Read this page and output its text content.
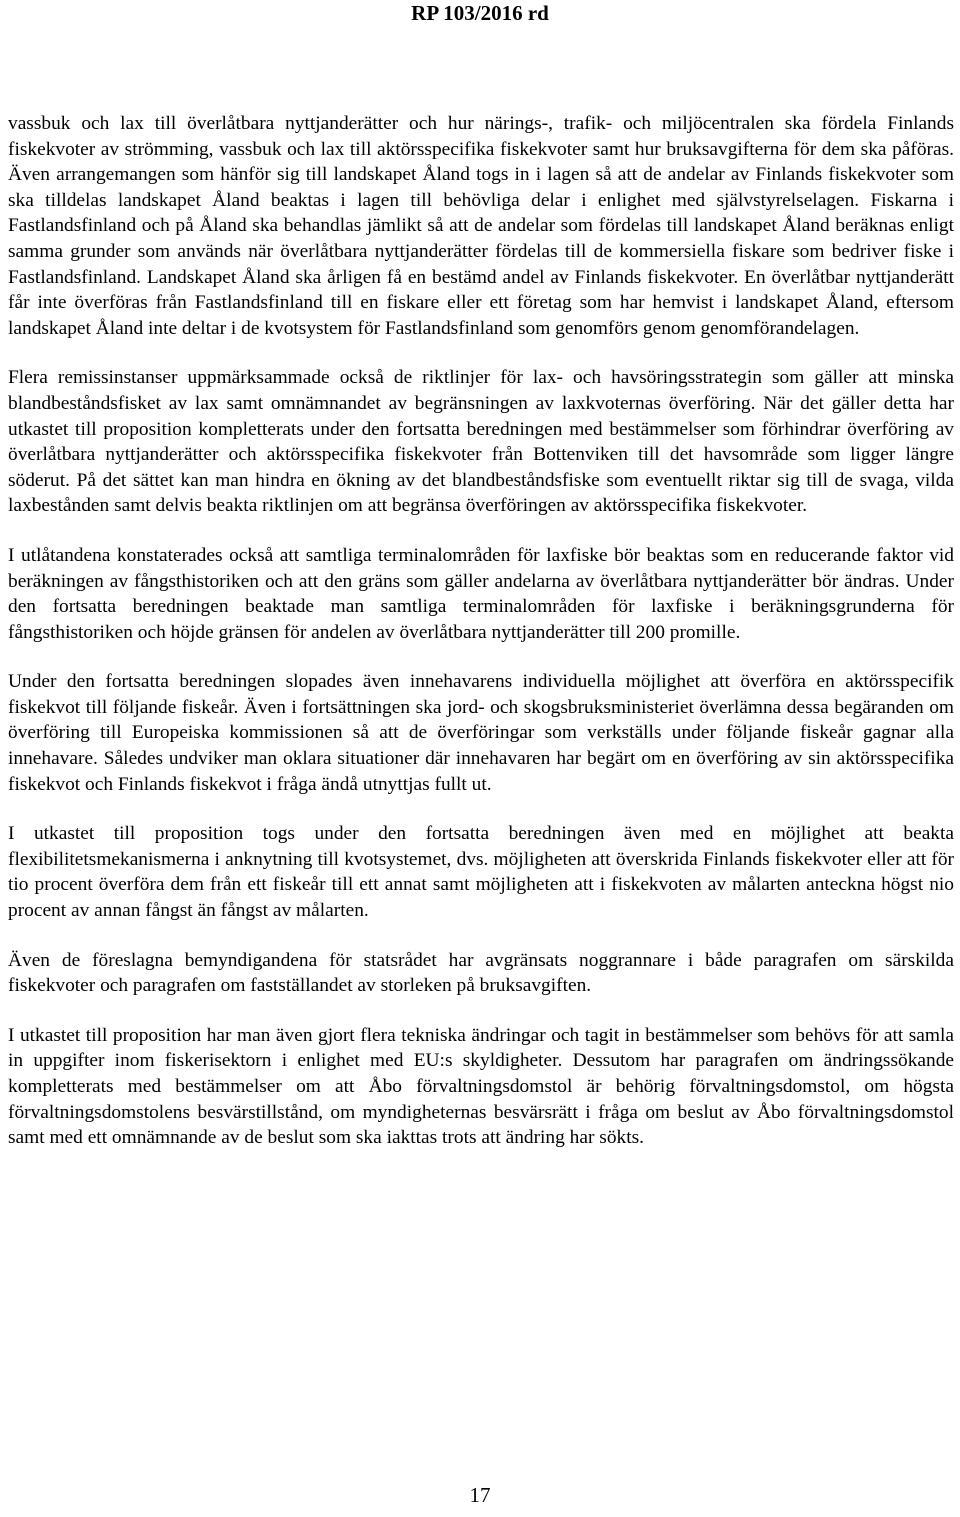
RP 103/2016 rd

vassbuk och lax till överlåtbara nyttjanderätter och hur närings-, trafik- och miljöcentralen ska fördela Finlands fiskekvoter av strömming, vassbuk och lax till aktörsspecifika fiskekvoter samt hur bruksavgifterna för dem ska påföras. Även arrangemangen som hänför sig till landskapet Åland togs in i lagen så att de andelar av Finlands fiskekvoter som ska tilldelas landskapet Åland beaktas i lagen till behövliga delar i enlighet med självstyrelselagen. Fiskarna i Fastlandsfinland och på Åland ska behandlas jämlikt så att de andelar som fördelas till landskapet Åland beräknas enligt samma grunder som används när överlåtbara nyttjanderätter fördelas till de kommersiella fiskare som bedriver fiske i Fastlandsfinland. Landskapet Åland ska årligen få en bestämd andel av Finlands fiskekvoter. En överlåtbar nyttjanderätt får inte överföras från Fastlandsfinland till en fiskare eller ett företag som har hemvist i landskapet Åland, eftersom landskapet Åland inte deltar i de kvotsystem för Fastlandsfinland som genomförs genom genomförandelagen.

Flera remissinstanser uppmärksammade också de riktlinjer för lax- och havsöringsstrategin som gäller att minska blandbeståndsfisket av lax samt omnämnandet av begränsningen av laxkvoternas överföring. När det gäller detta har utkastet till proposition kompletterats under den fortsatta beredningen med bestämmelser som förhindrar överföring av överlåtbara nyttjanderätter och aktörsspecifika fiskekvoter från Bottenviken till det havsområde som ligger längre söderut. På det sättet kan man hindra en ökning av det blandbeståndsfiske som eventuellt riktar sig till de svaga, vilda laxbestånden samt delvis beakta riktlinjen om att begränsa överföringen av aktörsspecifika fiskekvoter.

I utlåtandena konstaterades också att samtliga terminalområden för laxfiske bör beaktas som en reducerande faktor vid beräkningen av fångsthistoriken och att den gräns som gäller andelarna av överlåtbara nyttjanderätter bör ändras. Under den fortsatta beredningen beaktade man samtliga terminalområden för laxfiske i beräkningsgrunderna för fångsthistoriken och höjde gränsen för andelen av överlåtbara nyttjanderätter till 200 promille.

Under den fortsatta beredningen slopades även innehavarens individuella möjlighet att överföra en aktörsspecifik fiskekvot till följande fiskeår. Även i fortsättningen ska jord- och skogsbruksministeriet överlämna dessa begäranden om överföring till Europeiska kommissionen så att de överföringar som verkställs under följande fiskeår gagnar alla innehavare. Således undviker man oklara situationer där innehavaren har begärt om en överföring av sin aktörsspecifika fiskekvot och Finlands fiskekvot i fråga ändå utnyttjas fullt ut.

I utkastet till proposition togs under den fortsatta beredningen även med en möjlighet att beakta flexibilitetsmekanismerna i anknytning till kvotsystemet, dvs. möjligheten att överskrida Finlands fiskekvoter eller att för tio procent överföra dem från ett fiskeår till ett annat samt möjligheten att i fiskekvoten av målarten anteckna högst nio procent av annan fångst än fångst av målarten.

Även de föreslagna bemyndigandena för statsrådet har avgränsats noggrannare i både paragrafen om särskilda fiskekvoter och paragrafen om fastställandet av storleken på bruksavgiften.

I utkastet till proposition har man även gjort flera tekniska ändringar och tagit in bestämmelser som behövs för att samla in uppgifter inom fiskerisektorn i enlighet med EU:s skyldigheter. Dessutom har paragrafen om ändringssökande kompletterats med bestämmelser om att Åbo förvaltningsdomstol är behörig förvaltningsdomstol, om högsta förvaltningsdomstolens besvärstillstånd, om myndigheternas besvärsrätt i fråga om beslut av Åbo förvaltningsdomstol samt med ett omnämnande av de beslut som ska iakttas trots att ändring har sökts.

17
